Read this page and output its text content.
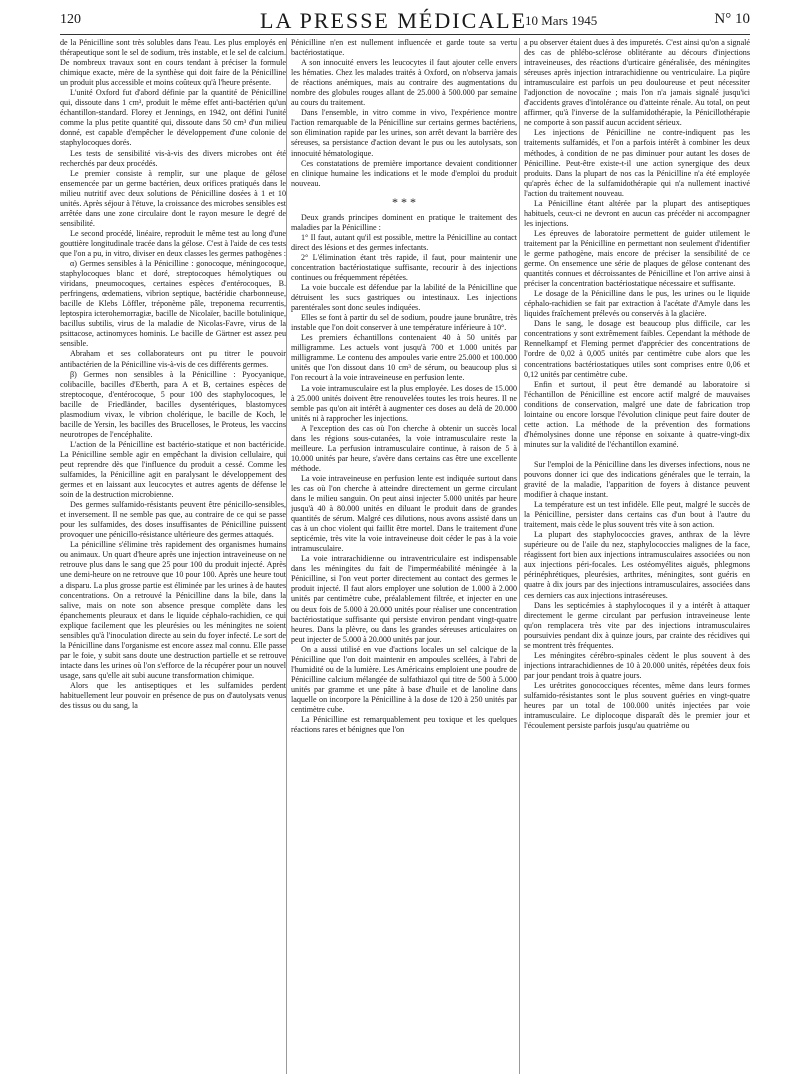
120	LA PRESSE MÉDICALE
10 Mars 1945	N° 10

de la Pénicilline sont très solubles dans l'eau. Les plus employés en thérapeutique sont le sel de sodium, très instable, et le sel de calcium. De nombreux travaux sont en cours tendant à préciser la formule chimique exacte, mère de la synthèse qui doit faire de la Pénicilline un produit plus accessible et moins coûteux qu'à l'heure présente.

L'unité Oxford fut d'abord définie par la quantité de Pénicilline qui, dissoute dans 1 cm³, produit le même effet anti-bactérien qu'un échantillon-standard. Florey et Jennings, en 1942, ont défini l'unité comme la plus petite quantité qui, dissoute dans 50 cm³ d'un milieu donné, est capable d'empêcher le développement d'une colonie de staphylocoques dorés.

Les tests de sensibilité vis-à-vis des divers microbes ont été recherchés par deux procédés.

Le premier consiste à remplir, sur une plaque de gélose ensemencée par un germe bactérien, deux orifices pratiqués dans le milieu nutritif avec deux solutions de Pénicilline dosées à 1 et 10 unités. Après séjour à l'étuve, la croissance des microbes sensibles est arrêtée dans une zone circulaire dont le rayon mesure le degré de sensibilité.

Le second procédé, linéaire, reproduit le même test au long d'une gouttière longitudinale tracée dans la gélose. C'est à l'aide de ces tests que l'on a pu, in vitro, diviser en deux classes les germes pathogènes :

α) Germes sensibles à la Pénicilline : gonocoque, méningocoque, staphylocoques blanc et doré, streptocoques hémolytiques ou viridans, pneumocoques, certaines espèces d'entérocoques, B. perfringens, œdematiens, vibrion septique, bactéridie charbonneuse, bacille de Klebs Löffler, tréponème pâle, treponema recurrentis, leptospira icterohemorragiæ, bacille de Nicolaïer, bacille botulinique, bacillus subtilis, virus de la maladie de Nicolas-Favre, virus de la psittacose, actinomyces hominis. Le bacille de Gärtner est assez peu sensible.

Abraham et ses collaborateurs ont pu titrer le pouvoir antibactérien de la Pénicilline vis-à-vis de ces différents germes.

β) Germes non sensibles à la Pénicilline : Pyocyanique, colibacille, bacilles d'Eberth, para A et B, certaines espèces de streptocoque, d'entérocoque, 5 pour 100 des staphylocoques, le bacille de Friedländer, bacilles dysentériques, blastomyces plasmodium vivax, le vibrion cholérique, le bacille de Koch, le bacille de Yersin, les bacilles des Brucelloses, le Proteus, les vaccins neurotropes de l'encéphalite.

L'action de la Pénicilline est bactério-statique et non bactéricide. La Pénicilline semble agir en empêchant la division cellulaire, qui peut reprendre dès que l'influence du produit a cessé. Comme les sulfamides, la Pénicilline agit en paralysant le développement des germes et en laissant aux leucocytes et autres agents de défense le soin de la destruction microbienne.

Des germes sulfamido-résistants peuvent être pénicillo-sensibles, et inversement. Il ne semble pas que, au contraire de ce qui se passe pour les sulfamides, des doses insuffisantes de Pénicilline puissent provoquer une pénicillo-résistance ultérieure des germes attaqués.

La pénicilline s'élimine très rapidement des organismes humains ou animaux. Un quart d'heure après une injection intraveineuse on ne retrouve plus dans le sang que 25 pour 100 du produit injecté. Après une demi-heure on ne retrouve que 10 pour 100. Après une heure tout a disparu. La plus grosse partie est éliminée par les urines à de hautes concentrations. On a retrouvé la Pénicilline dans la bile, dans la salive, mais on note son absence presque complète dans les épanchements pleuraux et dans le liquide céphalo-rachidien, ce qui explique facilement que les pleurésies ou les méningites ne soient sensibles qu'à l'inoculation directe au sein du foyer infecté. Le sort de la Pénicilline dans l'organisme est encore assez mal connu. Elle passe par le foie, y subit sans doute une destruction partielle et se retrouve intacte dans les urines où l'on s'efforce de la récupérer pour un nouvel usage, sans qu'elle ait subi aucune transformation chimique.

Alors que les antiseptiques et les sulfamides perdent habituellement leur pouvoir en présence de pus on d'autolysats venus des tissus ou du sang, la

Pénicilline n'en est nullement influencée et garde toute sa vertu bactériostatique.

A son innocuité envers les leucocytes il faut ajouter celle envers les hématies. Chez les malades traités à Oxford, on n'observa jamais de réactions anémiques, mais au contraire des augmentations du nombre des globules rouges allant de 25.000 à 500.000 par semaine au cours du traitement.

Dans l'ensemble, in vitro comme in vivo, l'expérience montre l'action remarquable de la Pénicilline sur certains germes bactériens, son élimination rapide par les urines, son arrêt devant la barrière des séreuses, sa persistance d'action devant le pus ou les autolysats, son innocuité hématologique.

Ces constatations de première importance devaient conditionner en clinique humaine les indications et le mode d'emploi du produit nouveau.

* * *

Deux grands principes dominent en pratique le traitement des maladies par la Pénicilline :

1° Il faut, autant qu'il est possible, mettre la Pénicilline au contact direct des lésions et des germes infectants.

2° L'élimination étant très rapide, il faut, pour maintenir une concentration bactériostatique suffisante, recourir à des injections continues ou fréquemment répétées.

La voie buccale est défendue par la labilité de la Pénicilline que détruisent les sucs gastriques ou intestinaux. Les injections parentérales sont donc seules indiquées.

Elles se font à partir du sel de sodium, poudre jaune brunâtre, très instable que l'on doit conserver à une température inférieure à 10°.

Les premiers échantillons contenaient 40 à 50 unités par milligramme. Les actuels vont jusqu'à 700 et 1.000 unités par milligramme. Le contenu des ampoules varie entre 25.000 et 100.000 unités que l'on dissout dans 10 cm³ de sérum, ou beaucoup plus si l'on recourt à la voie intraveineuse en perfusion lente.

La voie intramusculaire est la plus employée. Les doses de 15.000 à 25.000 unités doivent être renouvelées toutes les trois heures. Il ne semble pas qu'on ait intérêt à augmenter ces doses au delà de 20.000 unités ni à rapprocher les injections.

A l'exception des cas où l'on cherche à obtenir un succès local dans les régions sous-cutanées, la voie intramusculaire reste la meilleure. La perfusion intramusculaire continue, à raison de 5 à 10.000 unités par heure, s'avère dans certains cas être une excellente méthode.

La voie intraveineuse en perfusion lente est indiquée surtout dans les cas où l'on cherche à atteindre directement un germe circulant dans le milieu sanguin. On peut ainsi injecter 5.000 unités par heure jusqu'à 40 à 80.000 unités en diluant le produit dans de grandes quantités de sérum. Malgré ces dilutions, nous avons assisté dans un cas à un choc violent qui faillit être mortel. Dans le traitement d'une septicémie, très vite la voie intraveineuse doit céder le pas à la voie intramusculaire.

La voie intrarachidienne ou intraventriculaire est indispensable dans les méningites du fait de l'imperméabilité méningée à la Pénicilline, si l'on veut porter directement au contact des germes le produit injecté. Il faut alors employer une solution de 1.000 à 2.000 unités par centimètre cube, préalablement filtrée, et injecter en une ou deux fois de 5.000 à 20.000 unités pour réaliser une concentration bactériostatique suffisante qui persiste environ pendant vingt-quatre heures. Dans la plèvre, ou dans les grandes séreuses articulaires on peut injecter de 5.000 à 20.000 unités par jour.

On a aussi utilisé en vue d'actions locales un sel calcique de la Pénicilline que l'on doit maintenir en ampoules scellées, à l'abri de l'humidité ou de la lumière. Les Américains emploient une poudre de Pénicilline calcium mélangée de sulfathiazol qui titre de 500 à 5.000 unités par gramme et une pâte à base d'huile et de lanoline dans laquelle on incorpore la Pénicilline à la dose de 120 à 250 unités par centimètre cube.

La Pénicilline est remarquablement peu toxique et les quelques réactions rares et bénignes que l'on

a pu observer étaient dues à des impuretés. C'est ainsi qu'on a signalé des cas de phlébo-sclérose oblitérante au décours d'injections intraveineuses, des réactions d'urticaire généralisée, des méningites séreuses après injection intrarachidienne ou ventriculaire. La piqûre intramusculaire est parfois un peu douloureuse et peut nécessiter l'adjonction de novocaïne ; mais l'on n'a jamais signalé jusqu'ici d'accidents graves d'intolérance ou d'atteinte rénale. Au total, on peut affirmer, qu'à l'inverse de la sulfamidothérapie, la Pénicillothérapie ne comporte à son passif aucun accident sérieux.

Les injections de Pénicilline ne contre-indiquent pas les traitements sulfamidés, et l'on a parfois intérêt à combiner les deux méthodes, à condition de ne pas diminuer pour autant les doses de Pénicilline. Peut-être existe-t-il une action synergique des deux produits. Dans la plupart de nos cas la Pénicilline n'a été employée qu'après échec de la sulfamidothérapie qui n'a nullement inactivé l'action du traitement nouveau.

La Pénicilline étant altérée par la plupart des antiseptiques habituels, ceux-ci ne devront en aucun cas précéder ni accompagner les injections.

Les épreuves de laboratoire permettent de guider utilement le traitement par la Pénicilline en permettant non seulement d'identifier le germe pathogène, mais encore de préciser la sensibilité de ce germe. On ensemence une série de plaques de gélose contenant des quantités connues et décroissantes de Pénicilline et l'on arrive ainsi à préciser la concentration bactériostatique nécessaire et suffisante.

Le dosage de la Pénicilline dans le pus, les urines ou le liquide céphalo-rachidien se fait par extraction à l'acétate d'Amyle dans les liquides fraîchement prélevés ou conservés à la glacière.

Dans le sang, le dosage est beaucoup plus difficile, car les concentrations y sont extrêmement faibles. Cependant la méthode de Rennelkampf et Fleming permet d'apprécier des concentrations de l'ordre de 0,02 à 0,005 unités par centimètre cube alors que les concentrations bactériostatiques utiles sont comprises entre 0,06 et 0,12 unités par centimètre cube.

Enfin et surtout, il peut être demandé au laboratoire si l'échantillon de Pénicilline est encore actif malgré de mauvaises conditions de conservation, malgré une date de fabrication trop lointaine ou encore lorsque l'évolution clinique peut faire douter de cette action. La méthode de la prévention des formations d'hémolysines donne une réponse en soixante à quatre-vingt-dix minutes sur la validité de l'échantillon examiné.

Sur l'emploi de la Pénicilline dans les diverses infections, nous ne pouvons donner ici que des indications générales que le terrain, la gravité de la maladie, l'apparition de foyers à distance peuvent modifier à chaque instant.

La température est un test infidèle. Elle peut, malgré le succès de la Pénicilline, persister dans certains cas d'un bout à l'autre du traitement, mais cède le plus souvent très vite à son action.

La plupart des staphylococcies graves, anthrax de la lèvre supérieure ou de l'aile du nez, staphylococcies malignes de la face, réagissent fort bien aux injections intramusculaires associées ou non aux injections péri-focales. Les ostéomyélites aiguës, phlegmons périnéphrétiques, pleurésies, arthrites, méningites, sont guéris en quatre à dix jours par des injections intramusculaires, associées dans ces derniers cas aux injections intraséreuses.

Dans les septicémies à staphylocoques il y a intérêt à attaquer directement le germe circulant par perfusion intraveineuse lente qu'on remplacera très vite par des injections intramusculaires poursuivies pendant dix à quinze jours, par crainte des récidives qui se montrent très fréquentes.

Les méningites cérébro-spinales cèdent le plus souvent à des injections intrarachidiennes de 10 à 20.000 unités, répétées deux fois par jour pendant trois à quatre jours.

Les urétrites gonococciques récentes, même dans leurs formes sulfamido-résistantes sont le plus souvent guéries en vingt-quatre heures par un total de 100.000 unités injectées par voie intramusculaire. Le diplocoque disparaît dès le premier jour et l'écoulement persiste parfois jusqu'au quatrième ou
